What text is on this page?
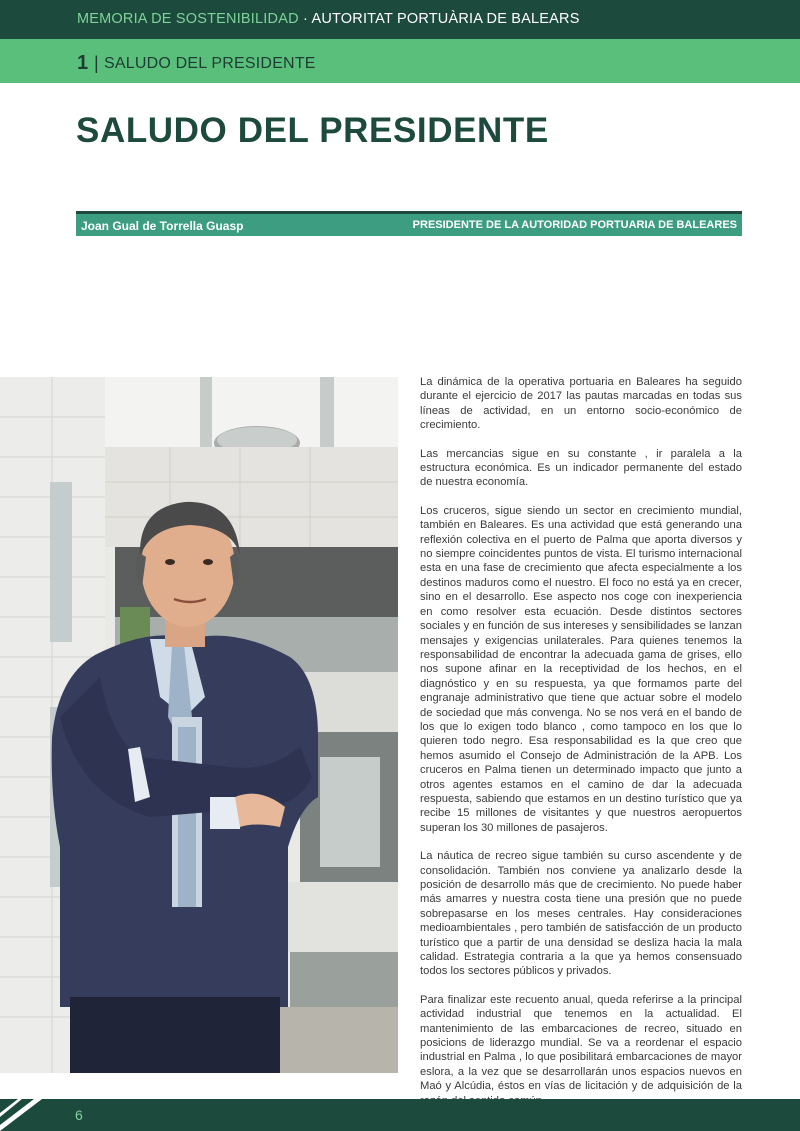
MEMORIA DE SOSTENIBILIDAD · AUTORITAT PORTUÀRIA DE BALEARS
1 | SALUDO DEL PRESIDENTE
SALUDO DEL PRESIDENTE
Joan Gual de Torrella Guasp	PRESIDENTE DE LA AUTORIDAD PORTUARIA DE BALEARES

La dinámica de la operativa portuaria en Baleares ha seguido durante el ejercicio de 2017 las pautas marcadas en todas sus líneas de actividad, en un entorno socio-económico de crecimiento.

Las mercancias sigue en su constante , ir paralela a la estructura económica. Es un indicador permanente del estado de nuestra economía.

Los cruceros, sigue siendo un sector en crecimiento mundial, también en Baleares. Es una actividad que está generando una reflexión colectiva en el puerto de Palma que aporta diversos y no siempre coincidentes puntos de vista. El turismo internacional esta en una fase de crecimiento que afecta especialmente a los destinos maduros como el nuestro. El foco no está ya en crecer, sino en el desarrollo. Ese aspecto nos coge con inexperiencia en como resolver esta ecuación. Desde distintos sectores sociales y en función de sus intereses y sensibilidades se lanzan mensajes y exigencias unilaterales. Para quienes tenemos la responsabilidad de encontrar la adecuada gama de grises, ello nos supone afinar en la receptividad de los hechos, en el diagnóstico y en su respuesta, ya que formamos parte del engranaje administrativo que tiene que actuar sobre el modelo de sociedad que más convenga. No se nos verá en el bando de los que lo exigen todo blanco , como tampoco en los que lo quieren todo negro. Esa responsabilidad es la que creo que hemos asumido el Consejo de Administración de la APB. Los cruceros en Palma tienen un determinado impacto que junto a otros agentes estamos en el camino de dar la adecuada respuesta, sabiendo que estamos en un destino turístico que ya recibe 15 millones de visitantes y que nuestros aeropuertos superan los 30 millones de pasajeros.

La náutica de recreo sigue también su curso ascendente y de consolidación. También nos conviene ya analizarlo desde la posición de desarrollo más que de crecimiento. No puede haber más amarres y nuestra costa tiene una presión que no puede sobrepasarse en los meses centrales. Hay consideraciones medioambientales , pero también de satisfacción de un producto turístico que a partir de una densidad se desliza hacia la mala calidad. Estrategia contraria a la que ya hemos consensuado todos los sectores públicos y privados.

Para finalizar este recuento anual, queda referirse a la principal actividad industrial que tenemos en la actualidad. El mantenimiento de las embarcaciones de recreo, situado en posicions de liderazgo mundial. Se va a reordenar el espacio industrial en Palma , lo que posibilitará embarcaciones de mayor eslora, a la vez que se desarrollarán unos espacios nuevos en Maó y Alcúdia, éstos en vías de licitación y de adquisición de la

6
